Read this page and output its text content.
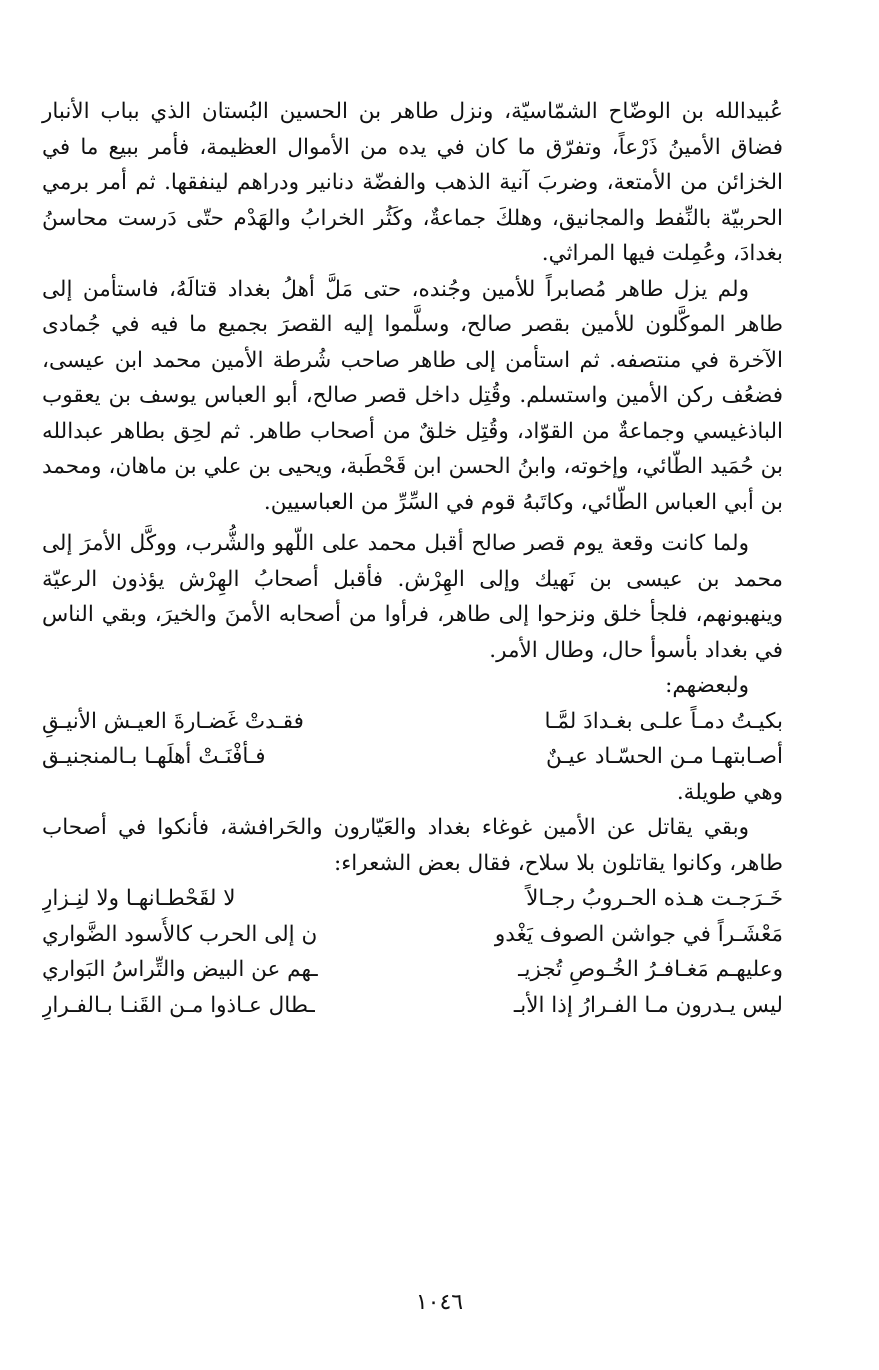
عُبيدالله بن الوضّاح الشمّاسيّة، ونزل طاهر بن الحسين البُستان الذي بباب الأنبار فضاق الأمينُ ذَرْعاً، وتفرّق ما كان في يده من الأموال العظيمة، فأمر ببيع ما في الخزائن من الأمتعة، وضربَ آنية الذهب والفضّة دنانير ودراهم لينفقها. ثم أمر برمي الحربيّة بالنِّفط والمجانيق، وهلكَ جماعةٌ، وكَثُر الخرابُ والهَدْم حتّى دَرست محاسنُ بغدادَ، وعُمِلت فيها المراثي.

ولم يزل طاهر مُصابراً للأمين وجُنده، حتى مَلَّ أهلُ بغداد قتالَهُ، فاستأمن إلى طاهر الموكَّلون للأمين بقصر صالح، وسلَّموا إليه القصرَ بجميع ما فيه في جُمادى الآخرة في منتصفه. ثم استأمن إلى طاهر صاحب شُرطة الأمين محمد ابن عيسى، فضعُف ركن الأمين واستسلم. وقُتِل داخل قصر صالح، أبو العباس يوسف بن يعقوب الباذغيسي وجماعةٌ من القوّاد، وقُتِل خلقٌ من أصحاب طاهر. ثم لحِق بطاهر عبدالله بن حُمَيد الطّائي، وإخوته، وابنُ الحسن ابن قَحْطَبة، ويحيى بن علي بن ماهان، ومحمد بن أبي العباس الطّائي، وكاتَبهُ قوم في السِّرِّ من العباسيين.

ولما كانت وقعة يوم قصر صالح أقبل محمد على اللّهو والشُّرب، ووكَّل الأمرَ إلى محمد بن عيسى بن نَهيك وإلى الهِرْش. فأقبل أصحابُ الهِرْش يؤذون الرعيّة وينهبونهم، فلجأ خلق ونزحوا إلى طاهر، فرأوا من أصحابه الأمنَ والخيرَ، وبقي الناس في بغداد بأسوأ حال، وطال الأمر.

ولبعضهم:

بكيـتُ دمـاً علـى بغـدادَ لمَّـا
فقـدتْ غَضـارةَ العيـش الأنيـقِ
أصـابتهـا مـن الحسّـاد عيـنٌ
فـأفْنَـتْ أهلَهـا بـالمنجنيـق

وهي طويلة.

وبقي يقاتل عن الأمين غوغاء بغداد والعَيّارون والحَرافشة، فأنكوا في أصحاب طاهر، وكانوا يقاتلون بلا سلاح، فقال بعض الشعراء:

خَـرَجـت هـذه الحـروبُ رجـالاً
لا لقَحْطـانهـا ولا لنِـزارِ
مَعْشَـراً في جواشن الصوف يَغْدو
ن إلى الحرب كالأُسود الضَّواري
وعليهـم مَغـافـرُ الخُـوصِ تُجزيـ
ـهم عن البيض والتِّراسُ البَواري
ليس يـدرون مـا الفـرارُ إذا الأبـ
ـطال عـاذوا مـن القَنـا بـالفـرارِ
١٠٤٦
